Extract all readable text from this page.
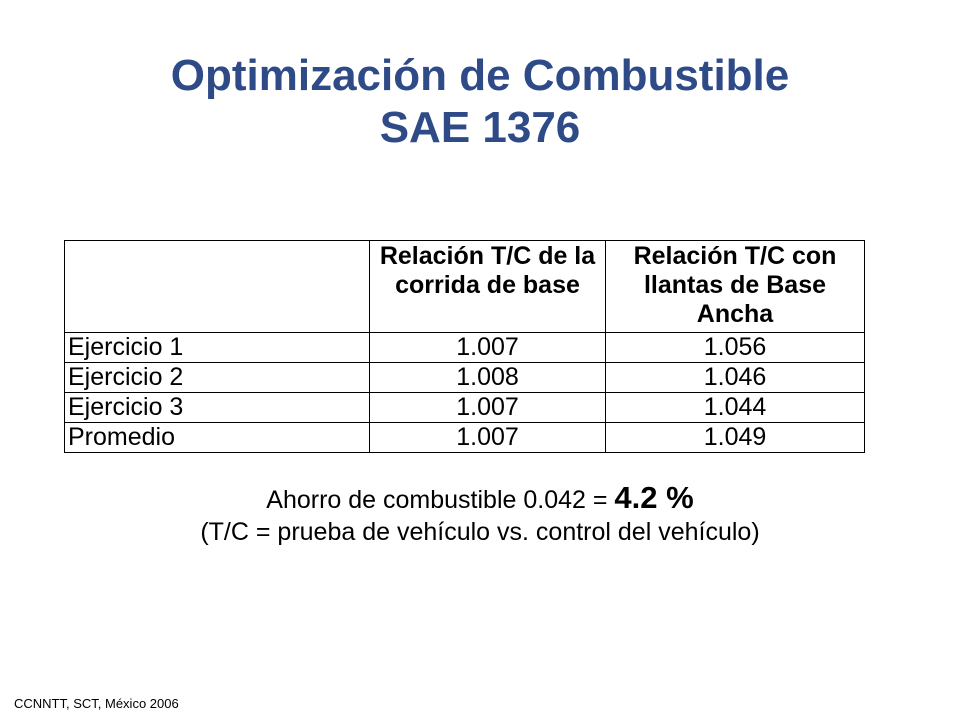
Optimización de Combustible
SAE 1376
	Relación T/C de la corrida de base	Relación T/C con llantas de Base Ancha
Ejercicio 1	1.007	1.056
Ejercicio 2	1.008	1.046
Ejercicio 3	1.007	1.044
Promedio	1.007	1.049
Ahorro de combustible 0.042 = 4.2 %
(T/C = prueba de vehículo vs. control del vehículo)
CCNNTT, SCT, México 2006
